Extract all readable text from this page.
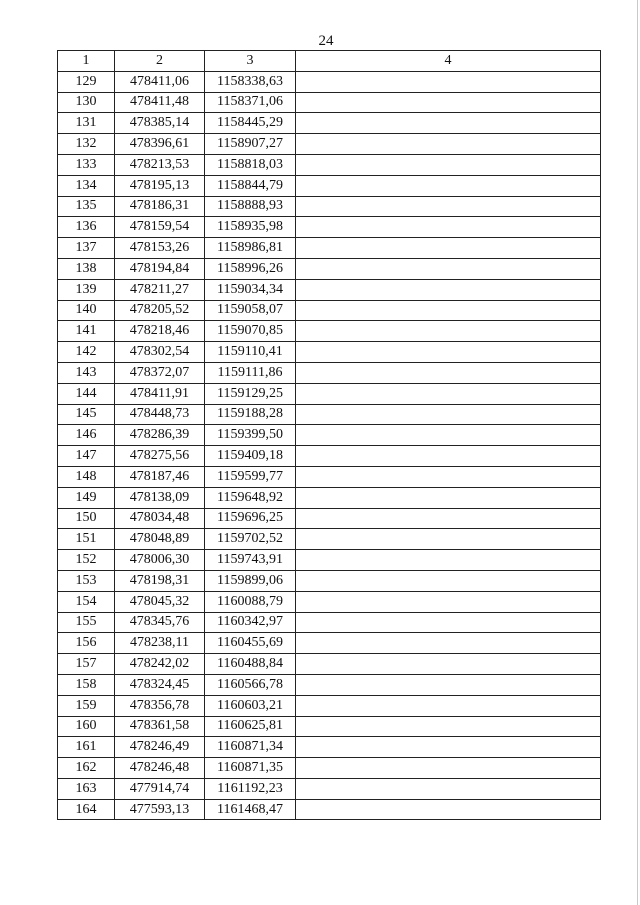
24
1	2	3	4
129	478411,06	1158338,63	
130	478411,48	1158371,06	
131	478385,14	1158445,29	
132	478396,61	1158907,27	
133	478213,53	1158818,03	
134	478195,13	1158844,79	
135	478186,31	1158888,93	
136	478159,54	1158935,98	
137	478153,26	1158986,81	
138	478194,84	1158996,26	
139	478211,27	1159034,34	
140	478205,52	1159058,07	
141	478218,46	1159070,85	
142	478302,54	1159110,41	
143	478372,07	1159111,86	
144	478411,91	1159129,25	
145	478448,73	1159188,28	
146	478286,39	1159399,50	
147	478275,56	1159409,18	
148	478187,46	1159599,77	
149	478138,09	1159648,92	
150	478034,48	1159696,25	
151	478048,89	1159702,52	
152	478006,30	1159743,91	
153	478198,31	1159899,06	
154	478045,32	1160088,79	
155	478345,76	1160342,97	
156	478238,11	1160455,69	
157	478242,02	1160488,84	
158	478324,45	1160566,78	
159	478356,78	1160603,21	
160	478361,58	1160625,81	
161	478246,49	1160871,34	
162	478246,48	1160871,35	
163	477914,74	1161192,23	
164	477593,13	1161468,47	
